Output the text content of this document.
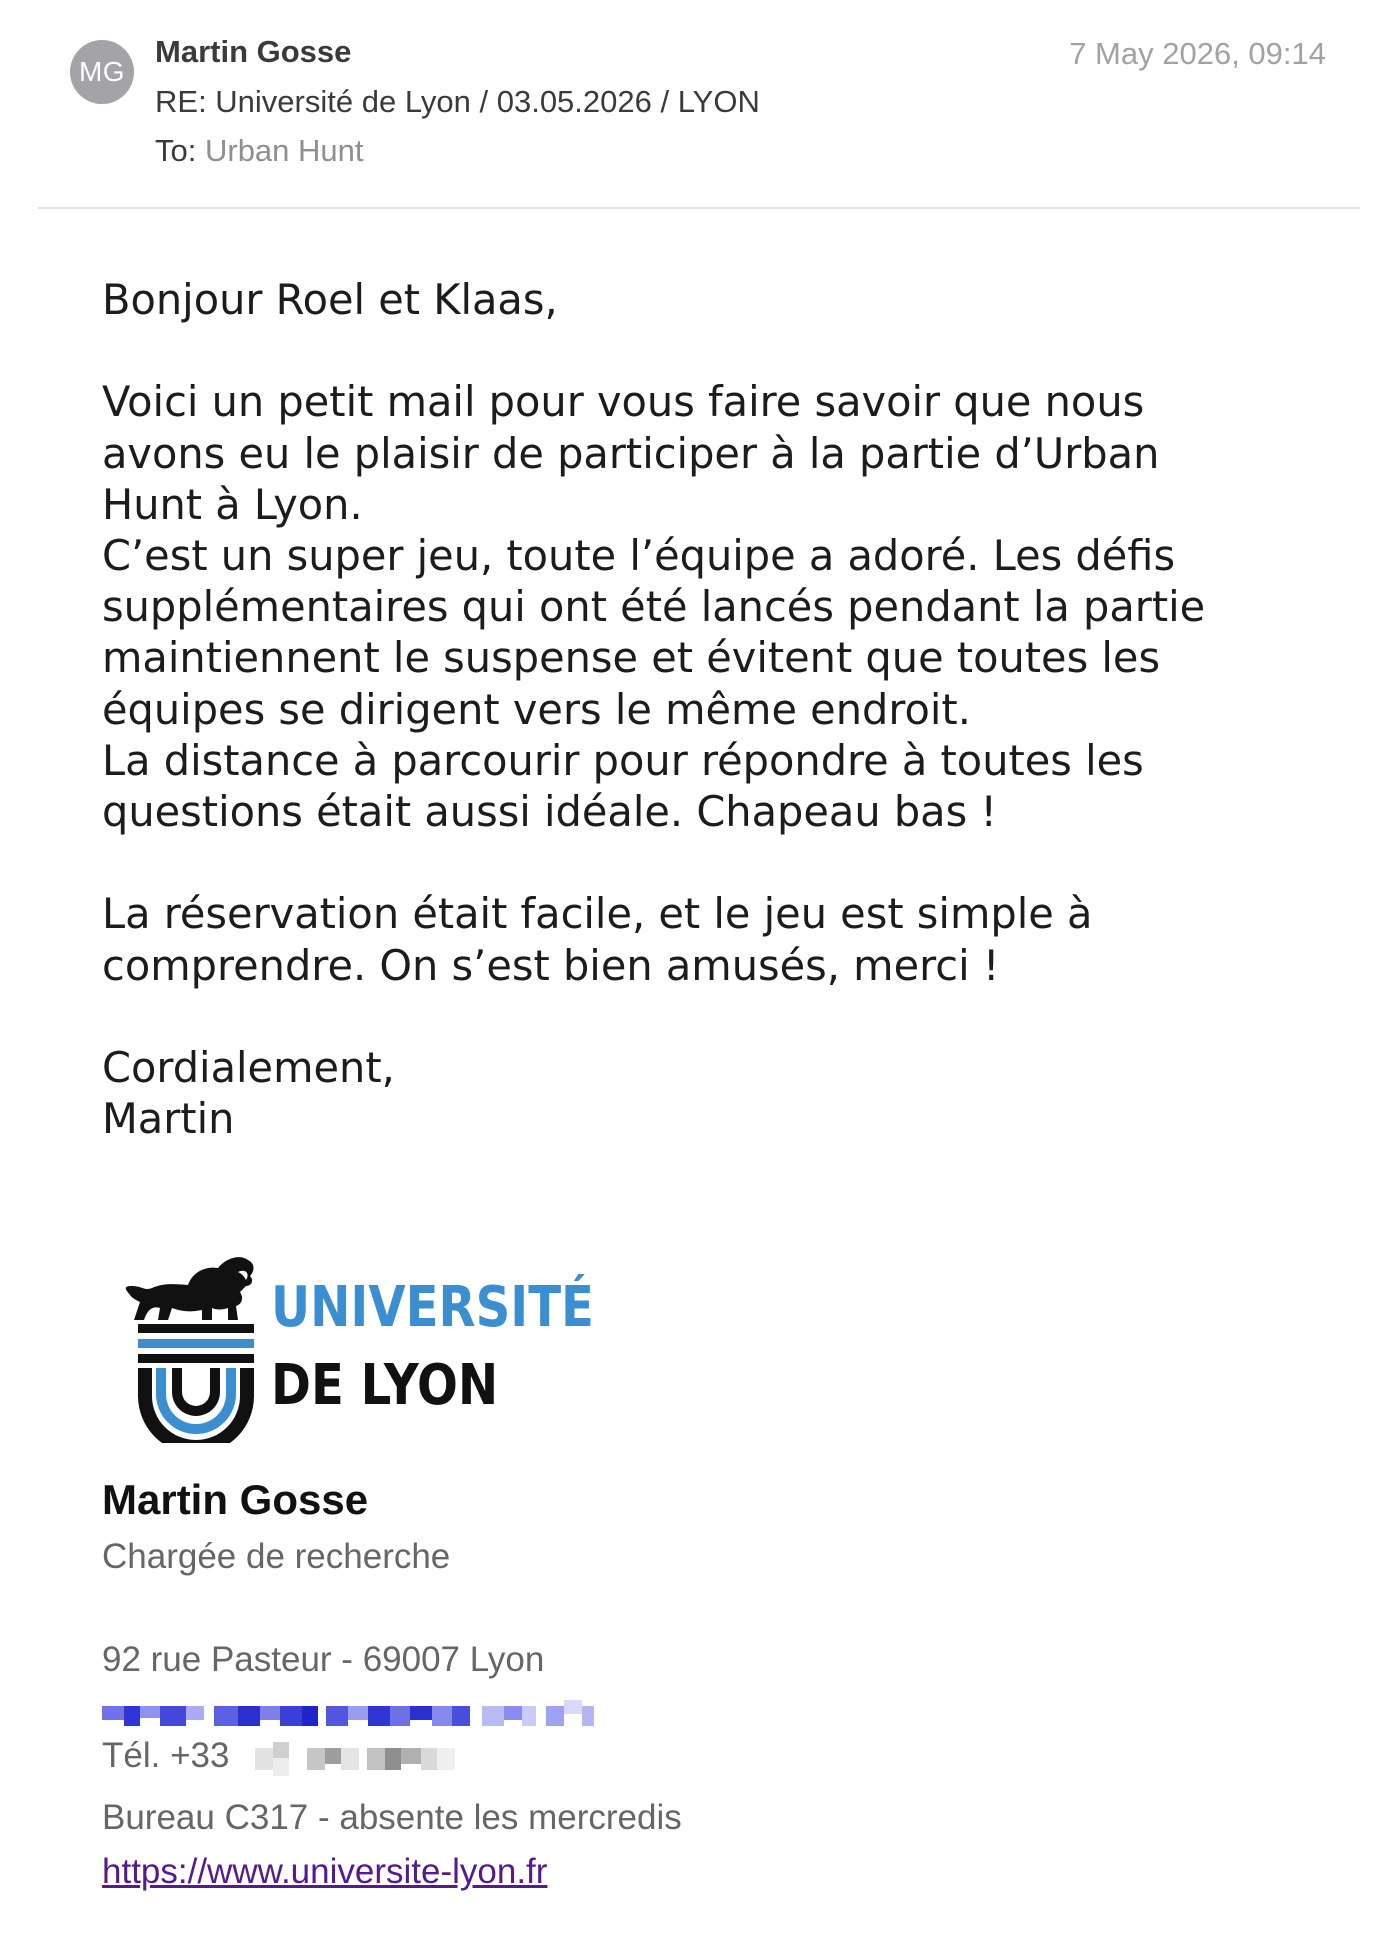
MG
Martin Gosse
RE: Université de Lyon / 03.05.2026 / LYON
To: Urban Hunt
7 May 2026, 09:14

Bonjour Roel et Klaas,

Voici un petit mail pour vous faire savoir que nous
avons eu le plaisir de participer à la partie d’Urban
Hunt à Lyon.
C’est un super jeu, toute l’équipe a adoré. Les défis
supplémentaires qui ont été lancés pendant la partie
maintiennent le suspense et évitent que toutes les
équipes se dirigent vers le même endroit.
La distance à parcourir pour répondre à toutes les
questions était aussi idéale. Chapeau bas !

La réservation était facile, et le jeu est simple à
comprendre. On s’est bien amusés, merci !

Cordialement,

Martin

UNIVERSITÉ
DE LYON
Martin Gosse
Chargée de recherche
92 rue Pasteur - 69007 Lyon
Tél. +33
Bureau C317 - absente les mercredis
https://www.universite-lyon.fr
